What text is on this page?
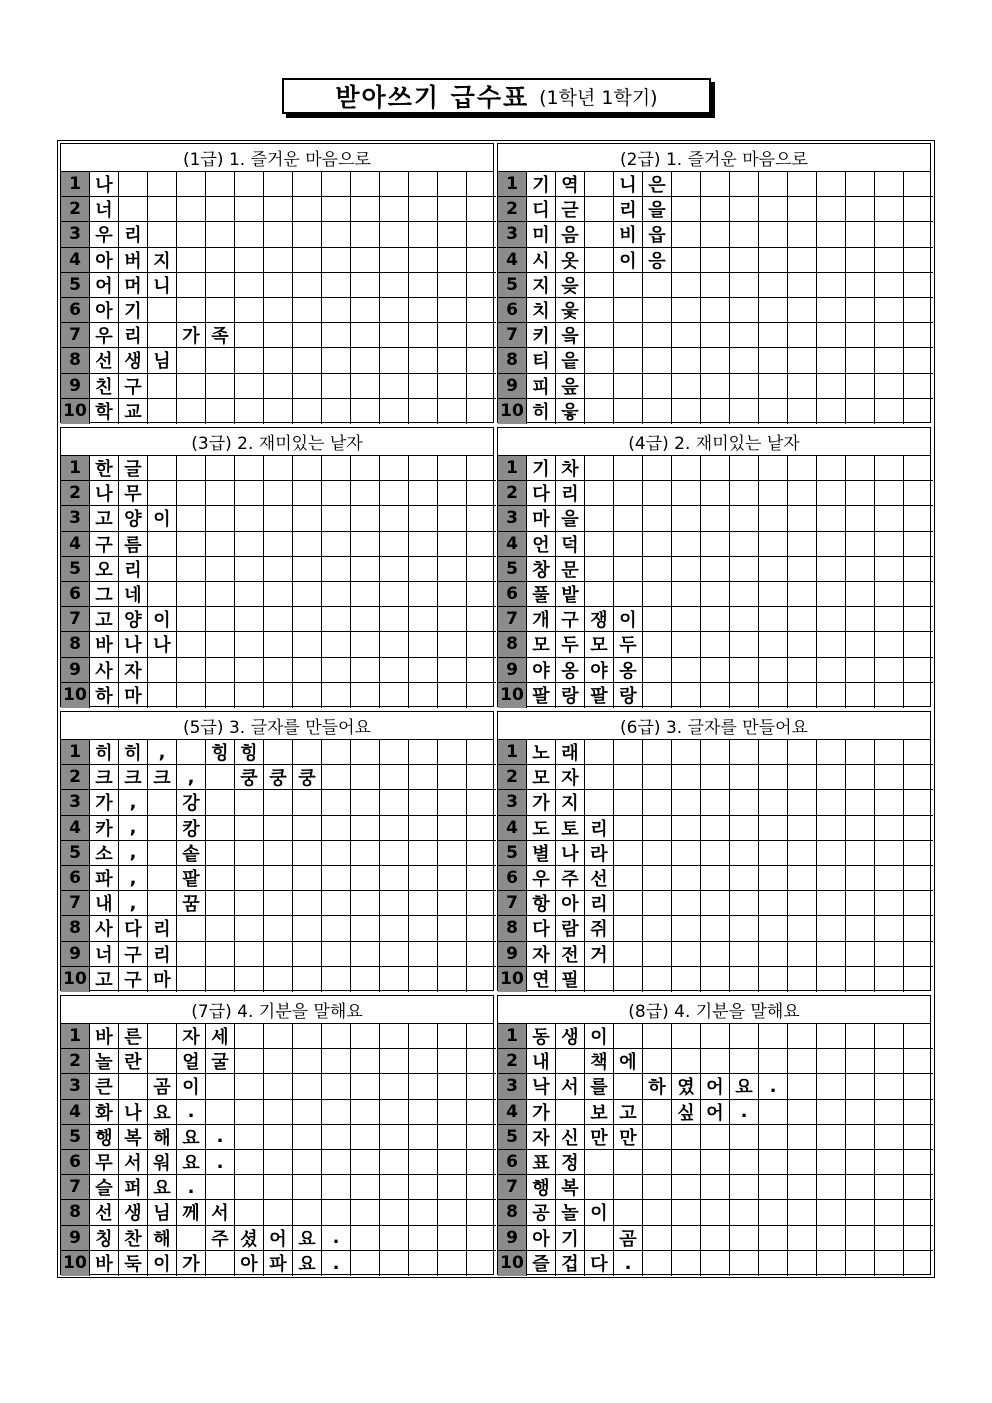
받아쓰기 급수표 (1학년 1학기)
(1급) 1. 즐거운 마음으로
1 나
2 너
3 우 리
4 아 버 지
5 어 머 니
6 아 기
7 우 리	가 족
8 선 생 님
9 친 구
10 학 교
(2급) 1. 즐거운 마음으로
1 기 역	니 은
2 디 귿	리 을
3 미 음	비 읍
4 시 옷	이 응
5 지 읒
6 치 읓
7 키 읔
8 티 읕
9 피 읖
10 히 읗
(3급) 2. 재미있는 낱자
1 한 글
2 나 무
3 고 양 이
4 구 름
5 오 리
6 그 네
7 고 양 이
8 바 나 나
9 사 자
10 하 마
(4급) 2. 재미있는 낱자
1 기 차
2 다 리
3 마 을
4 언 덕
5 창 문
6 풀 밭
7 개 구 쟁 이
8 모 두 모 두
9 야 옹 야 옹
10 팔 랑 팔 랑
(5급) 3. 글자를 만들어요
1 히 히 ,	힝 힝
2 크 크 크 ,	쿵 쿵 쿵
3 가 ,	강
4 카 ,	캉
5 소 ,	솥
6 파 ,	팥
7 내 ,	꿈
8 사 다 리
9 너 구 리
10 고 구 마
(6급) 3. 글자를 만들어요
1 노 래
2 모 자
3 가 지
4 도 토 리
5 별 나 라
6 우 주 선
7 항 아 리
8 다 람 쥐
9 자 전 거
10 연 필
(7급) 4. 기분을 말해요
1 바 른	자 세
2 놀 란	얼 굴
3 큰	곰 이
4 화 나 요 .
5 행 복 해 요 .
6 무 서 워 요 .
7 슬 퍼 요 .
8 선 생 님 께 서
9 칭 찬 해	주 셨 어 요 .
10 바 둑 이 가	아 파 요 .
(8급) 4. 기분을 말해요
1 동 생 이
2 내	책 에
3 낙 서 를	하 였 어 요 .
4 가	보 고	싶 어 .
5 자 신 만 만
6 표 정
7 행 복
8 공 놀 이
9 아 기	곰
10 즐 겁 다 .
